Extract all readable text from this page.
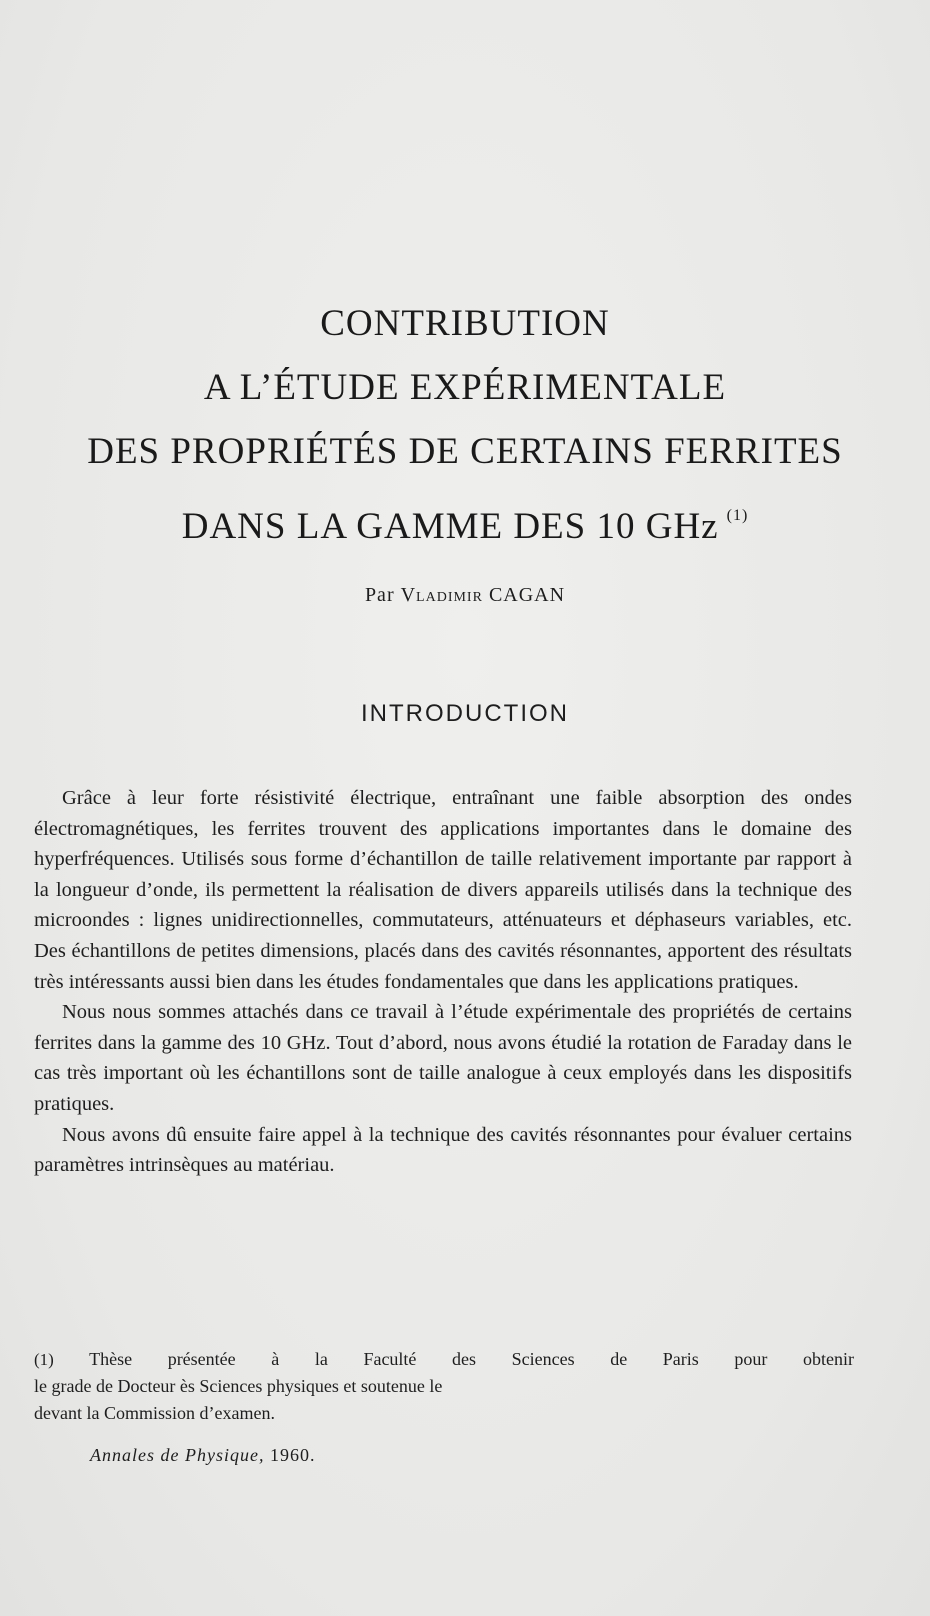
CONTRIBUTION
A L’ÉTUDE EXPÉRIMENTALE
DES PROPRIÉTÉS DE CERTAINS FERRITES
DANS LA GAMME DES 10 GHz $^{(1)}$
Par Vladimir CAGAN
INTRODUCTION

Grâce à leur forte résistivité électrique, entraînant une faible absorption des ondes électromagnétiques, les ferrites trouvent des applications importantes dans le domaine des hyperfréquences. Utilisés sous forme d’échantillon de taille relativement importante par rapport à la longueur d’onde, ils permettent la réalisation de divers appareils utilisés dans la technique des microondes : lignes unidirectionnelles, commutateurs, atténuateurs et déphaseurs variables, etc. Des échantillons de petites dimensions, placés dans des cavités résonnantes, apportent des résultats très intéressants aussi bien dans les études fondamentales que dans les applications pratiques.

Nous nous sommes attachés dans ce travail à l’étude expérimentale des propriétés de certains ferrites dans la gamme des 10 GHz. Tout d’abord, nous avons étudié la rotation de Faraday dans le cas très important où les échantillons sont de taille analogue à ceux employés dans les dispositifs pratiques.

Nous avons dû ensuite faire appel à la technique des cavités résonnantes pour évaluer certains paramètres intrinsèques au matériau.

(1) Thèse présentée à la Faculté des Sciences de Paris pour obtenir
le grade de Docteur ès Sciences physiques et soutenue le
devant la Commission d’examen.
Annales de Physique, 1960.
